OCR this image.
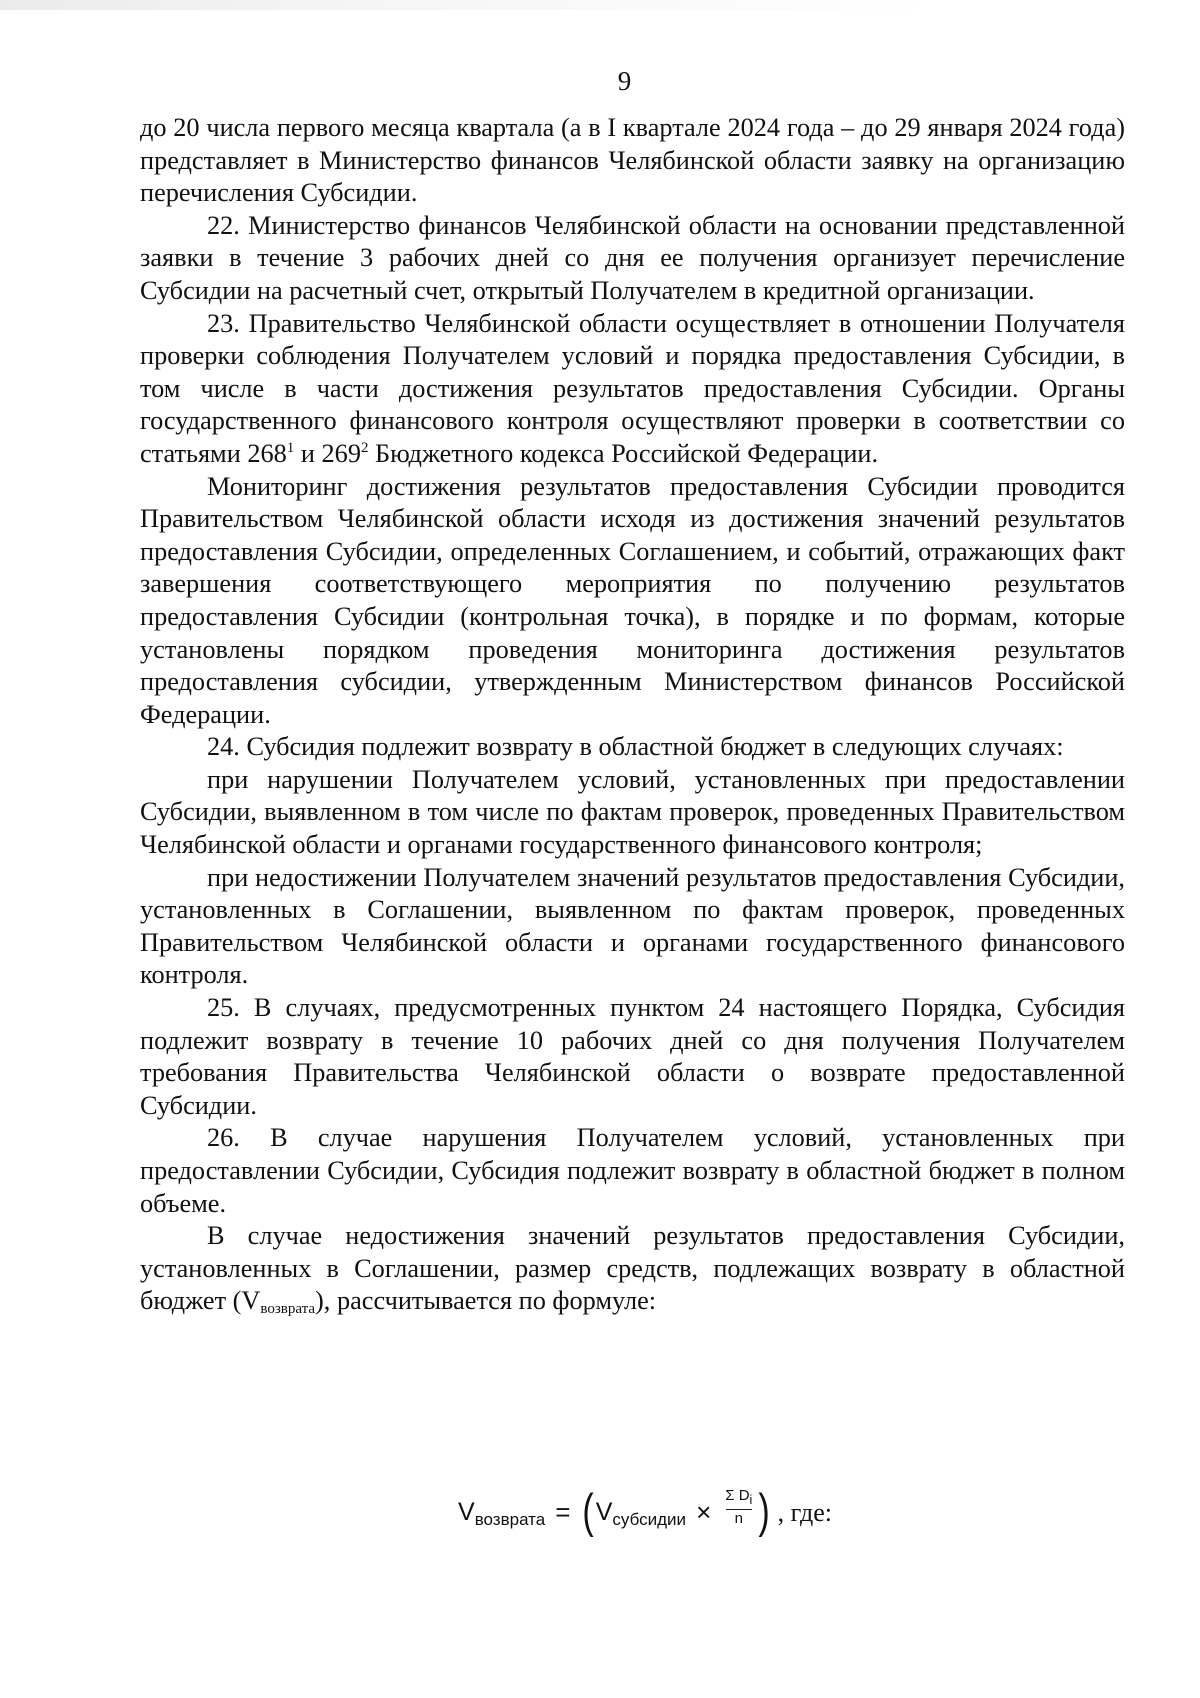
9

до 20 числа первого месяца квартала (а в I квартале 2024 года – до 29 января 2024 года) представляет в Министерство финансов Челябинской области заявку на организацию перечисления Субсидии.

22. Министерство финансов Челябинской области на основании представленной заявки в течение 3 рабочих дней со дня ее получения организует перечисление Субсидии на расчетный счет, открытый Получателем в кредитной организации.

23. Правительство Челябинской области осуществляет в отношении Получателя проверки соблюдения Получателем условий и порядка предоставления Субсидии, в том числе в части достижения результатов предоставления Субсидии. Органы государственного финансового контроля осуществляют проверки в соответствии со статьями $268^1$ и $269^2$ Бюджетного кодекса Российской Федерации.

Мониторинг достижения результатов предоставления Субсидии проводится Правительством Челябинской области исходя из достижения значений результатов предоставления Субсидии, определенных Соглашением, и событий, отражающих факт завершения соответствующего мероприятия по получению результатов предоставления Субсидии (контрольная точка), в порядке и по формам, которые установлены порядком проведения мониторинга достижения результатов предоставления субсидии, утвержденным Министерством финансов Российской Федерации.

24. Субсидия подлежит возврату в областной бюджет в следующих случаях:

при нарушении Получателем условий, установленных при предоставлении Субсидии, выявленном в том числе по фактам проверок, проведенных Правительством Челябинской области и органами государственного финансового контроля;

при недостижении Получателем значений результатов предоставления Субсидии, установленных в Соглашении, выявленном по фактам проверок, проведенных Правительством Челябинской области и органами государственного финансового контроля.

25. В случаях, предусмотренных пунктом 24 настоящего Порядка, Субсидия подлежит возврату в течение 10 рабочих дней со дня получения Получателем требования Правительства Челябинской области о возврате предоставленной Субсидии.

26. В случае нарушения Получателем условий, установленных при предоставлении Субсидии, Субсидия подлежит возврату в областной бюджет в полном объеме.

В случае недостижения значений результатов предоставления Субсидии, установленных в Соглашении, размер средств, подлежащих возврату в областной бюджет $(V_{возврата})$, рассчитывается по формуле:

$V_{возврата}$ = ( $V_{субсидии} \times \frac{\Sigma D_i}{n}$ ) , где:
